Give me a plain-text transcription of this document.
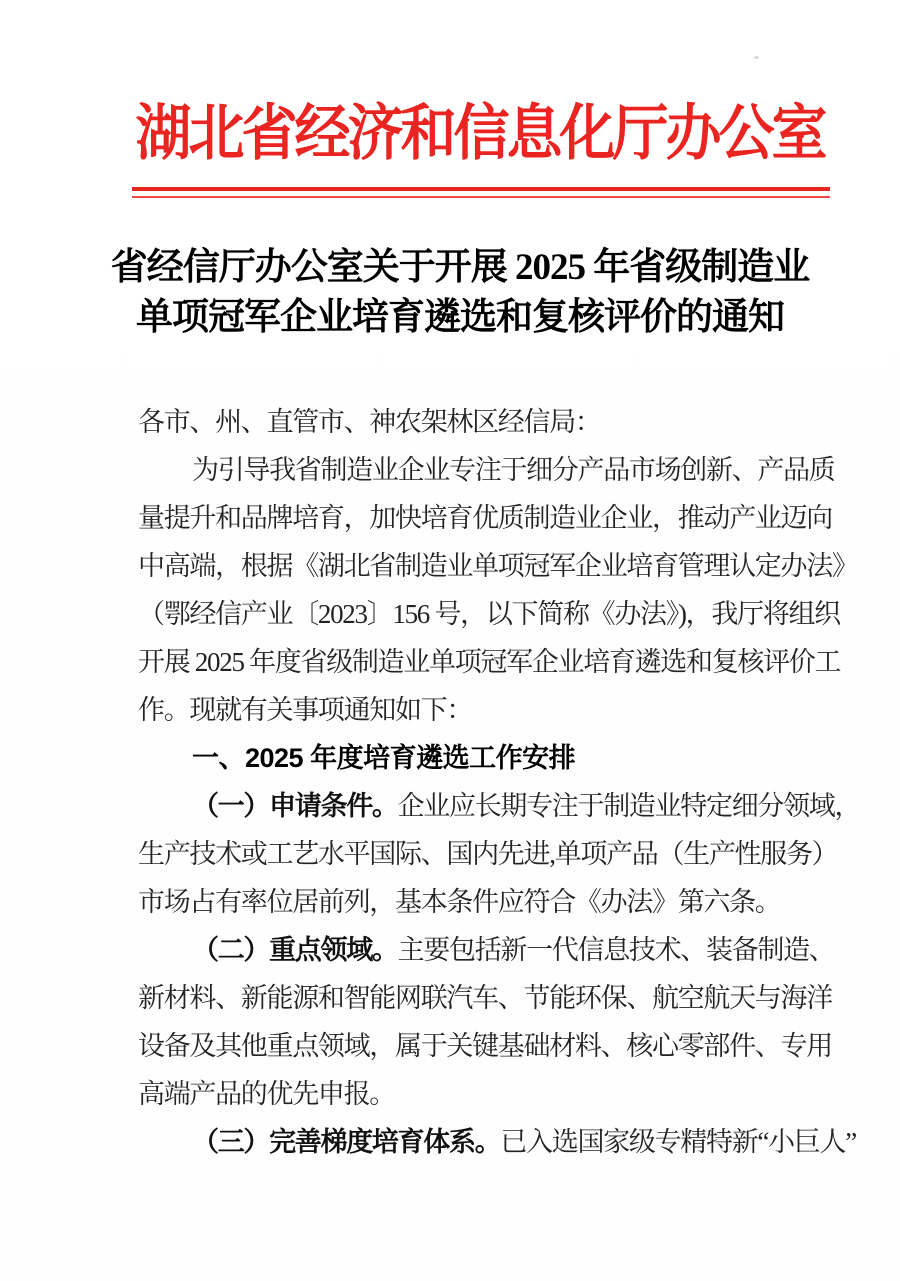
湖北省经济和信息化厅办公室
省经信厅办公室关于开展 2025 年省级制造业
单项冠军企业培育遴选和复核评价的通知
各市、州、直管市、神农架林区经信局：
为引导我省制造业企业专注于细分产品市场创新、产品质
量提升和品牌培育，加快培育优质制造业企业，推动产业迈向
中高端，根据《湖北省制造业单项冠军企业培育管理认定办法》
（鄂经信产业〔2023〕156 号，以下简称《办法》)，我厅将组织
开展 2025 年度省级制造业单项冠军企业培育遴选和复核评价工
作。现就有关事项通知如下：
一、2025 年度培育遴选工作安排
（一）申请条件。企业应长期专注于制造业特定细分领域，
生产技术或工艺水平国际、国内先进,单项产品（生产性服务）
市场占有率位居前列，基本条件应符合《办法》第六条。
（二）重点领域。主要包括新一代信息技术、装备制造、
新材料、新能源和智能网联汽车、节能环保、航空航天与海洋
设备及其他重点领域，属于关键基础材料、核心零部件、专用
高端产品的优先申报。
（三）完善梯度培育体系。已入选国家级专精特新“小巨人”
